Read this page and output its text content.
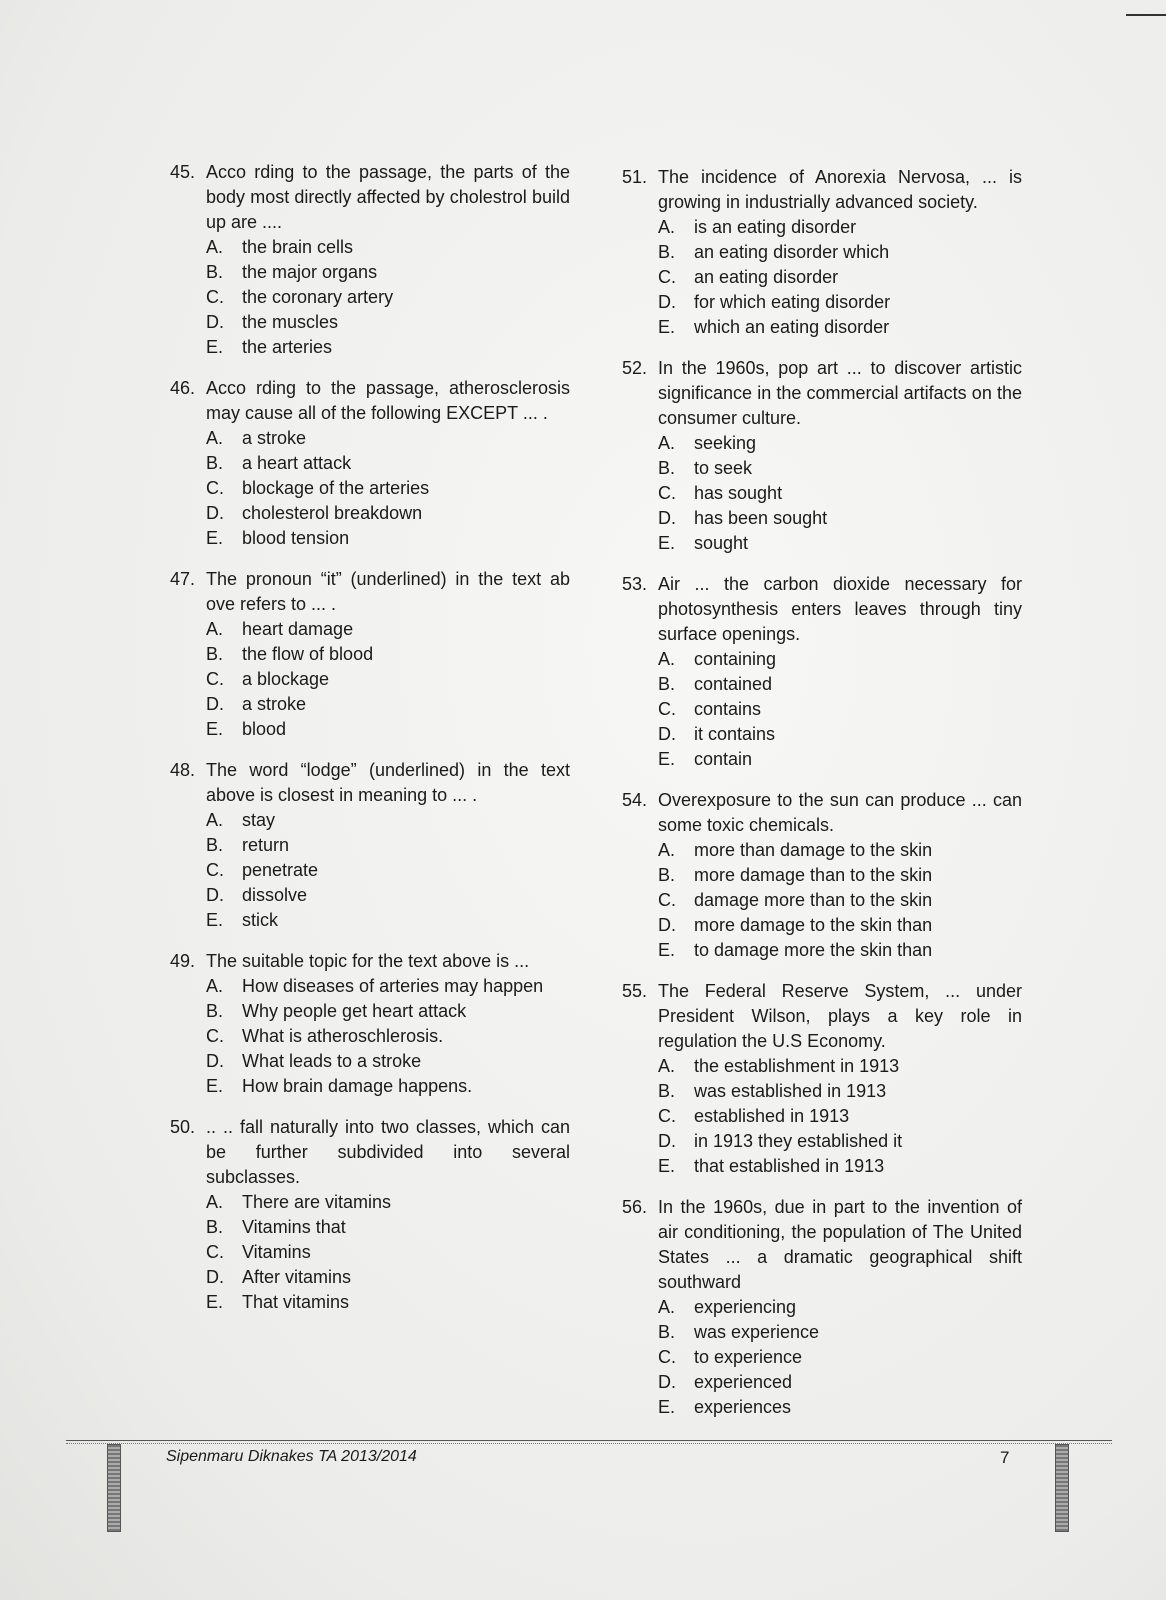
45. Acco rding to the passage, the parts of the body most directly affected by cholestrol build up are ....
A.	the brain cells
B.	the major organs
C.	the coronary artery
D.	the muscles
E.	the arteries
46. Acco rding to the passage, atherosclerosis may cause all of the following EXCEPT ... .
A.	a stroke
B.	a heart attack
C.	blockage of the arteries
D.	cholesterol breakdown
E.	blood tension
47. The pronoun “it” (underlined) in the text ab ove refers to ... .
A.	heart damage
B.	the flow of blood
C.	a blockage
D.	a stroke
E.	blood
48. The word “lodge” (underlined) in the text above is closest in meaning to ... .
A.	stay
B.	return
C.	penetrate
D.	dissolve
E.	stick
49. The suitable topic for the text above is ...
A.	How diseases of arteries may happen
B.	Why people get heart attack
C.	What is atheroschlerosis.
D.	What leads to a stroke
E.	How brain damage happens.
50. .. .. fall naturally into two classes, which can be further subdivided into several subclasses.
A.	There are vitamins
B.	Vitamins that
C.	Vitamins
D.	After vitamins
E.	That vitamins
51. The incidence of Anorexia Nervosa, ... is growing in industrially advanced society.
A.	is an eating disorder
B.	an eating disorder which
C.	an eating disorder
D.	for which eating disorder
E.	which an eating disorder
52. In the 1960s, pop art ... to discover artistic significance in the commercial artifacts on the consumer culture.
A.	seeking
B.	to seek
C.	has sought
D.	has been sought
E.	sought
53. Air ... the carbon dioxide necessary for photosynthesis enters leaves through tiny surface openings.
A.	containing
B.	contained
C.	contains
D.	it contains
E.	contain
54. Overexposure to the sun can produce ... can some toxic chemicals.
A.	more than damage to the skin
B.	more damage than to the skin
C.	damage more than to the skin
D.	more damage to the skin than
E.	to damage more the skin than
55. The Federal Reserve System, ... under President Wilson, plays a key role in regulation the U.S Economy.
A.	the establishment in 1913
B.	was established in 1913
C.	established in 1913
D.	in 1913 they established it
E.	that established in 1913
56. In the 1960s, due in part to the invention of air conditioning, the population of The United States ... a dramatic geographical shift southward
A.	experiencing
B.	was experience
C.	to experience
D.	experienced
E.	experiences
Sipenmaru Diknakes TA 2013/2014	7
